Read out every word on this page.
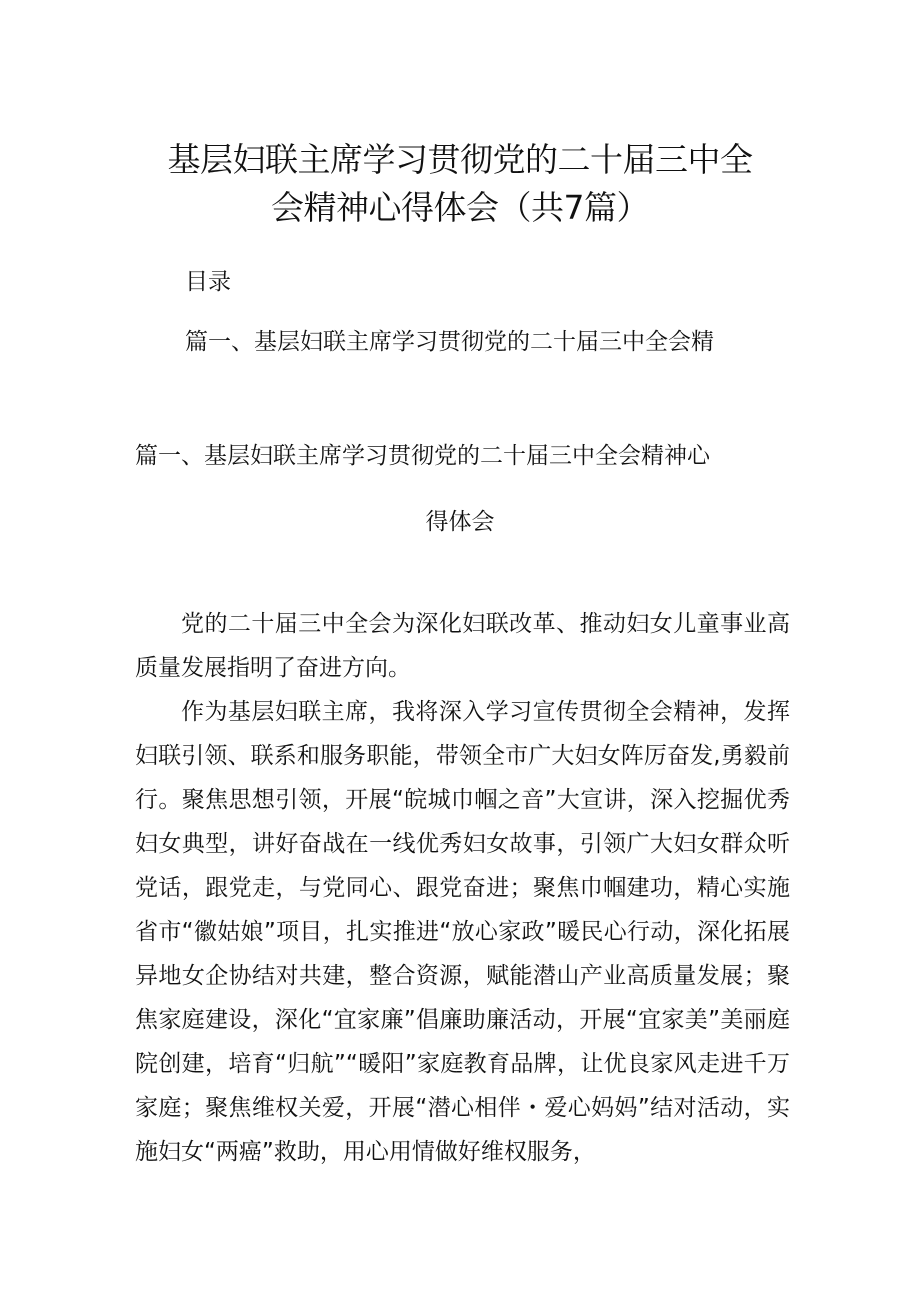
基层妇联主席学习贯彻党的二十届三中全
会精神心得体会（共7篇）
目录
篇一、基层妇联主席学习贯彻党的二十届三中全会精
篇一、基层妇联主席学习贯彻党的二十届三中全会精神心
得体会

党的二十届三中全会为深化妇联改革、推动妇女儿童事业高质量发展指明了奋进方向。

作为基层妇联主席，我将深入学习宣传贯彻全会精神，发挥妇联引领、联系和服务职能，带领全市广大妇女阵厉奋发,勇毅前行。聚焦思想引领，开展“皖城巾帼之音”大宣讲，深入挖掘优秀妇女典型，讲好奋战在一线优秀妇女故事，引领广大妇女群众听党话，跟党走，与党同心、跟党奋进；聚焦巾帼建功，精心实施省市“徽姑娘”项目，扎实推进“放心家政”暖民心行动，深化拓展异地女企协结对共建，整合资源，赋能潜山产业高质量发展；聚焦家庭建设，深化“宜家廉”倡廉助廉活动，开展“宜家美”美丽庭院创建，培育“归航”“暖阳”家庭教育品牌，让优良家风走进千万家庭；聚焦维权关爱，开展“潜心相伴・爱心妈妈”结对活动，实施妇女“两癌”救助，用心用情做好维权服务，
